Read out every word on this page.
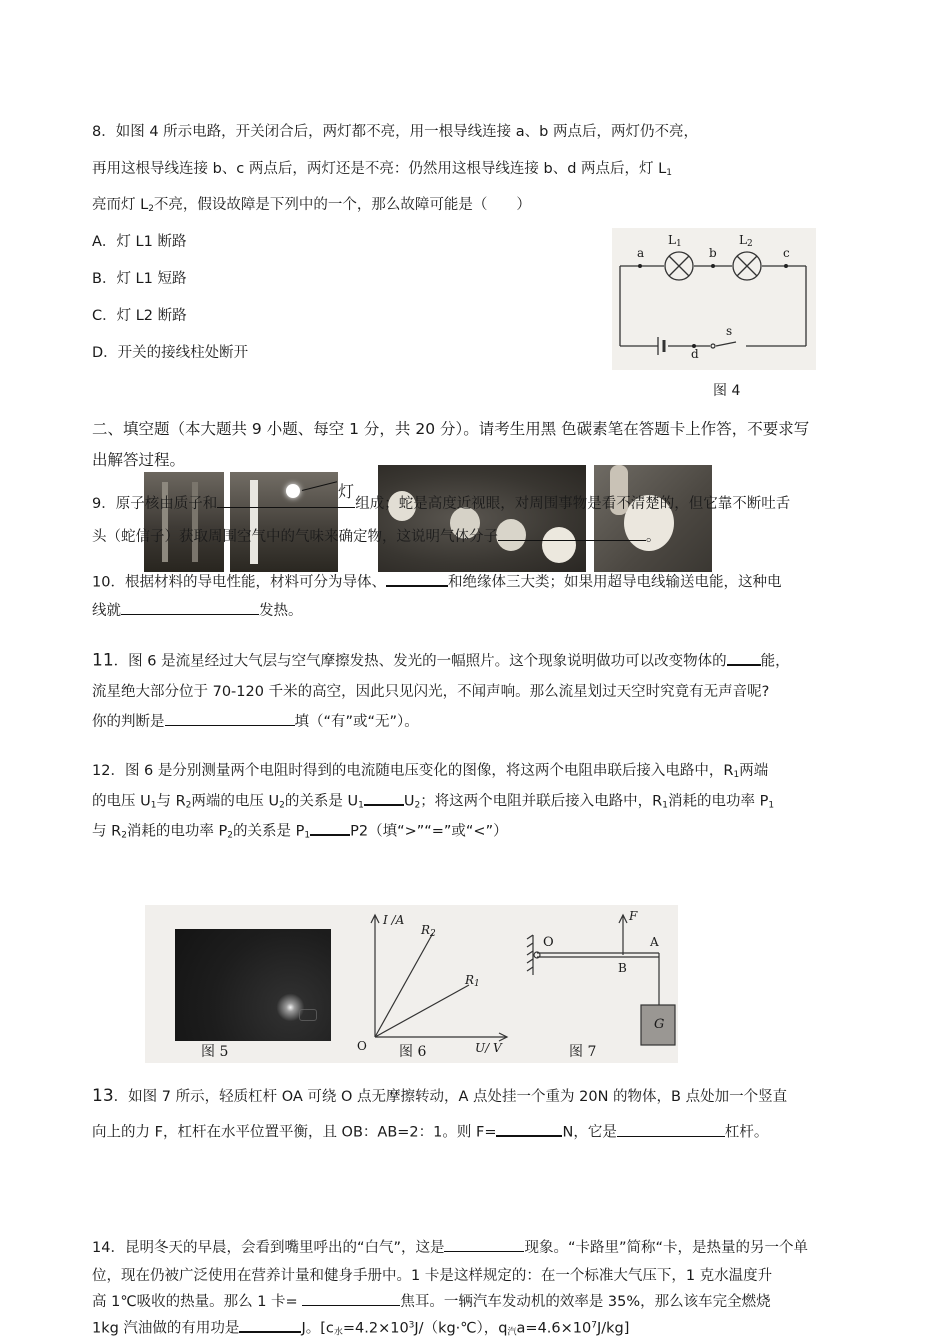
8．如图 4 所示电路，开关闭合后，两灯都不亮，用一根导线连接 a、b 两点后，两灯仍不亮，
再用这根导线连接 b、c 两点后，两灯还是不亮：仍然用这根导线连接 b、d 两点后，灯 $L_1$
亮而灯 $L_2$不亮，假设故障是下列中的一个，那么故障可能是（　　）
A．灯 L1 断路
B．灯 L1 短路
C．灯 L2 断路
D．开关的接线柱处断开
a	b	c
d
s
$L_1$	$L_2$
图 4
二、填空题（本大题共 9 小题、每空 1 分，共 20 分）。请考生用黑 色碳素笔在答题卡上作答，不要求写
出解答过程。
灯
9．原子核由质子和	组成；蛇是高度近视眼，对周围事物是看不清楚的，但它靠不断吐舌
头（蛇信子）获取周围空气中的气味来确定物，这说明气体分子	。
10．根据材料的导电性能，材料可分为导体、	和绝缘体三大类；如果用超导电线输送电能，这种电
线就	发热。
11．图 6 是流星经过大气层与空气摩擦发热、发光的一幅照片。这个现象说明做功可以改变物体的 能，
流星绝大部分位于 70-120 千米的高空，因此只见闪光，不闻声响。那么流星划过天空时究竟有无声音呢?
你的判断是	填（“有”或“无”）。
12．图 6 是分别测量两个电阻时得到的电流随电压变化的图像，将这两个电阻串联后接入电路中，$R_1$两端
的电压 $U_1$与 $R_2$两端的电压 $U_2$的关系是 $U_1$	$U_2$；将这两个电阻并联后接入电路中，$R_1$消耗的电功率 $P_1$
与 $R_2$消耗的电功率 $P_2$的关系是 $P_1$	P2（填“>”“=”或“<”）
I /A
U/ V
O
$R_2$
$R_1$
O	A
B
F
G
图 5	图 6	图 7
13．如图 7 所示，轻质杠杆 OA 可绕 O 点无摩擦转动，A 点处挂一个重为 20N 的物体，B 点处加一个竖直
向上的力 F，杠杆在水平位置平衡，且 OB：AB=2：1。则 F=	N，它是	杠杆。
14．昆明冬天的早晨，会看到嘴里呼出的“白气”，这是	现象。“卡路里”简称“卡，是热量的另一个单
位，现在仍被广泛使用在营养计量和健身手册中。1 卡是这样规定的：在一个标准大气压下，1 克水温度升
高 1℃吸收的热量。那么 1 卡=	焦耳。一辆汽车发动机的效率是 35%，那么该车完全燃烧
1kg 汽油做的有用功是	J。[$c_水=4.2\times 10^3J/(kg\cdot℃)$，$q_汽a=4.6\times 10^7J/kg$]
